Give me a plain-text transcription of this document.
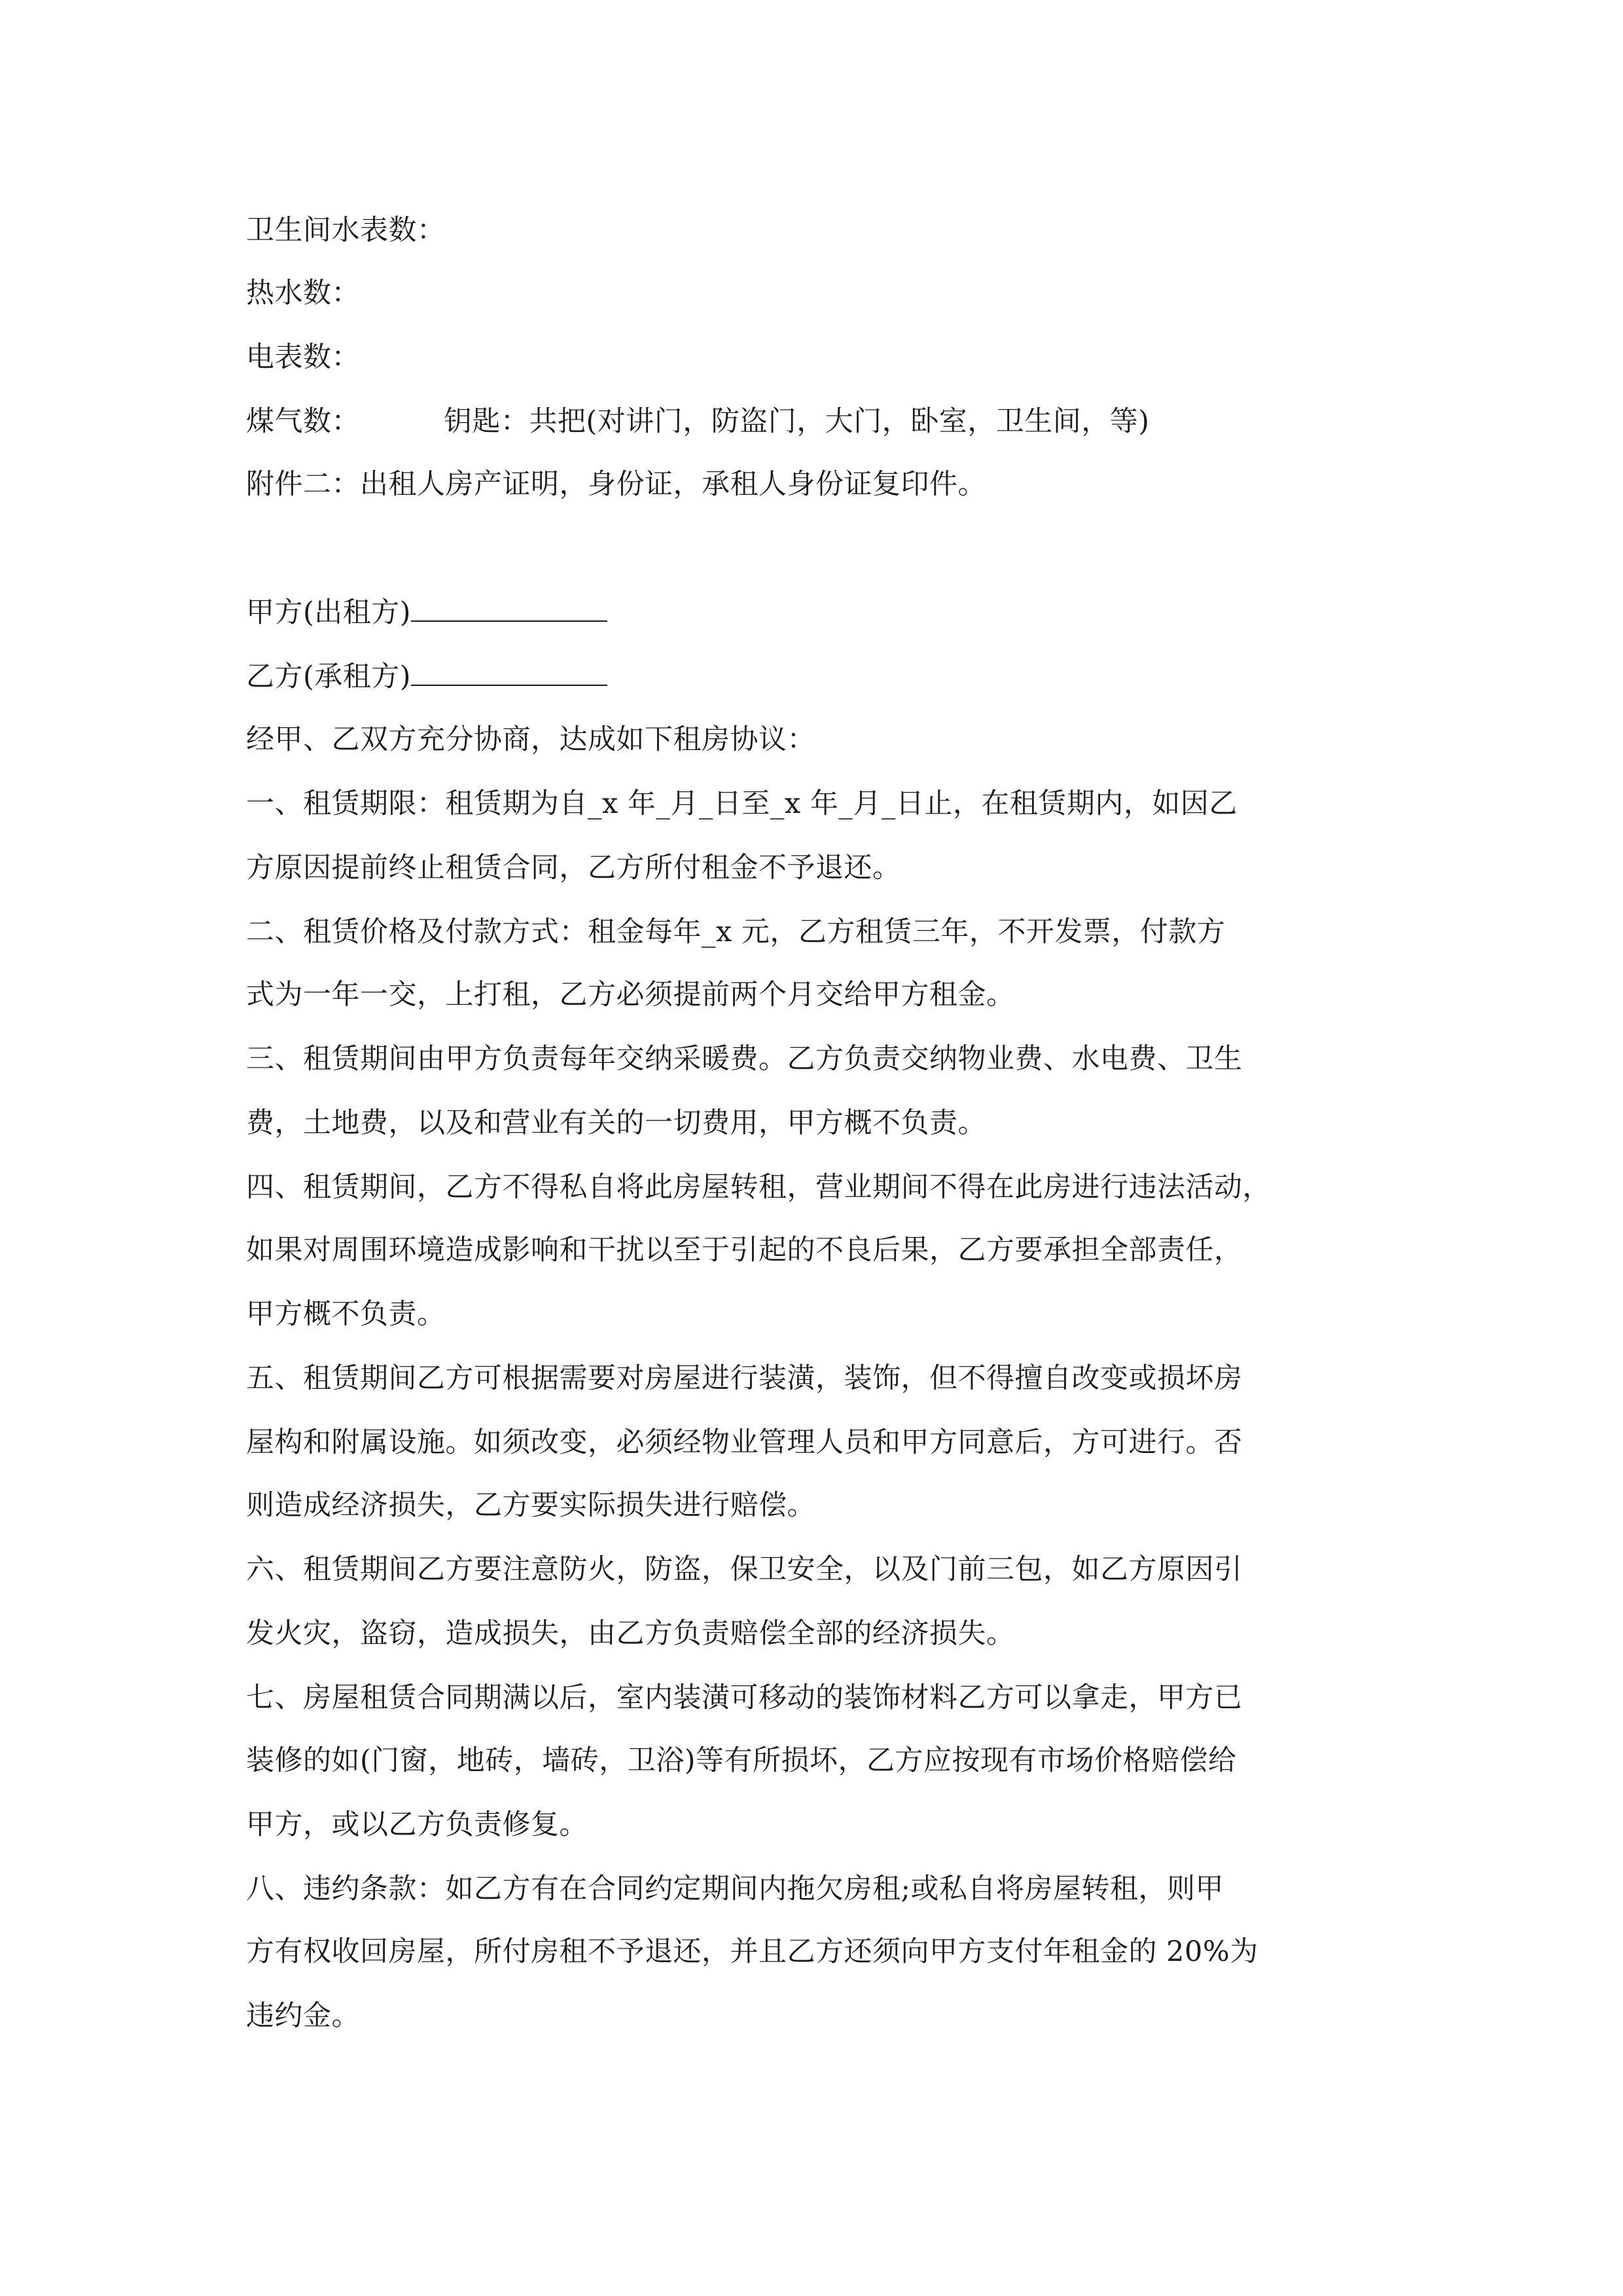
卫生间水表数：
热水数：
电表数：
煤气数：	钥匙：共把(对讲门，防盗门，大门，卧室，卫生间，等)
附件二：出租人房产证明，身份证，承租人身份证复印件。
甲方(出租方)
乙方(承租方)
经甲、乙双方充分协商，达成如下租房协议：
一、租赁期限：租赁期为自_x 年_月_日至_x 年_月_日止，在租赁期内，如因乙
方原因提前终止租赁合同，乙方所付租金不予退还。
二、租赁价格及付款方式：租金每年_x 元，乙方租赁三年，不开发票，付款方
式为一年一交，上打租，乙方必须提前两个月交给甲方租金。
三、租赁期间由甲方负责每年交纳采暖费。乙方负责交纳物业费、水电费、卫生
费，土地费，以及和营业有关的一切费用，甲方概不负责。
四、租赁期间，乙方不得私自将此房屋转租，营业期间不得在此房进行违法活动，
如果对周围环境造成影响和干扰以至于引起的不良后果，乙方要承担全部责任，
甲方概不负责。
五、租赁期间乙方可根据需要对房屋进行装潢，装饰，但不得擅自改变或损坏房
屋构和附属设施。如须改变，必须经物业管理人员和甲方同意后，方可进行。否
则造成经济损失，乙方要实际损失进行赔偿。
六、租赁期间乙方要注意防火，防盗，保卫安全，以及门前三包，如乙方原因引
发火灾，盗窃，造成损失，由乙方负责赔偿全部的经济损失。
七、房屋租赁合同期满以后，室内装潢可移动的装饰材料乙方可以拿走，甲方已
装修的如(门窗，地砖，墙砖，卫浴)等有所损坏，乙方应按现有市场价格赔偿给
甲方，或以乙方负责修复。
八、违约条款：如乙方有在合同约定期间内拖欠房租;或私自将房屋转租，则甲
方有权收回房屋，所付房租不予退还，并且乙方还须向甲方支付年租金的 20%为
违约金。
